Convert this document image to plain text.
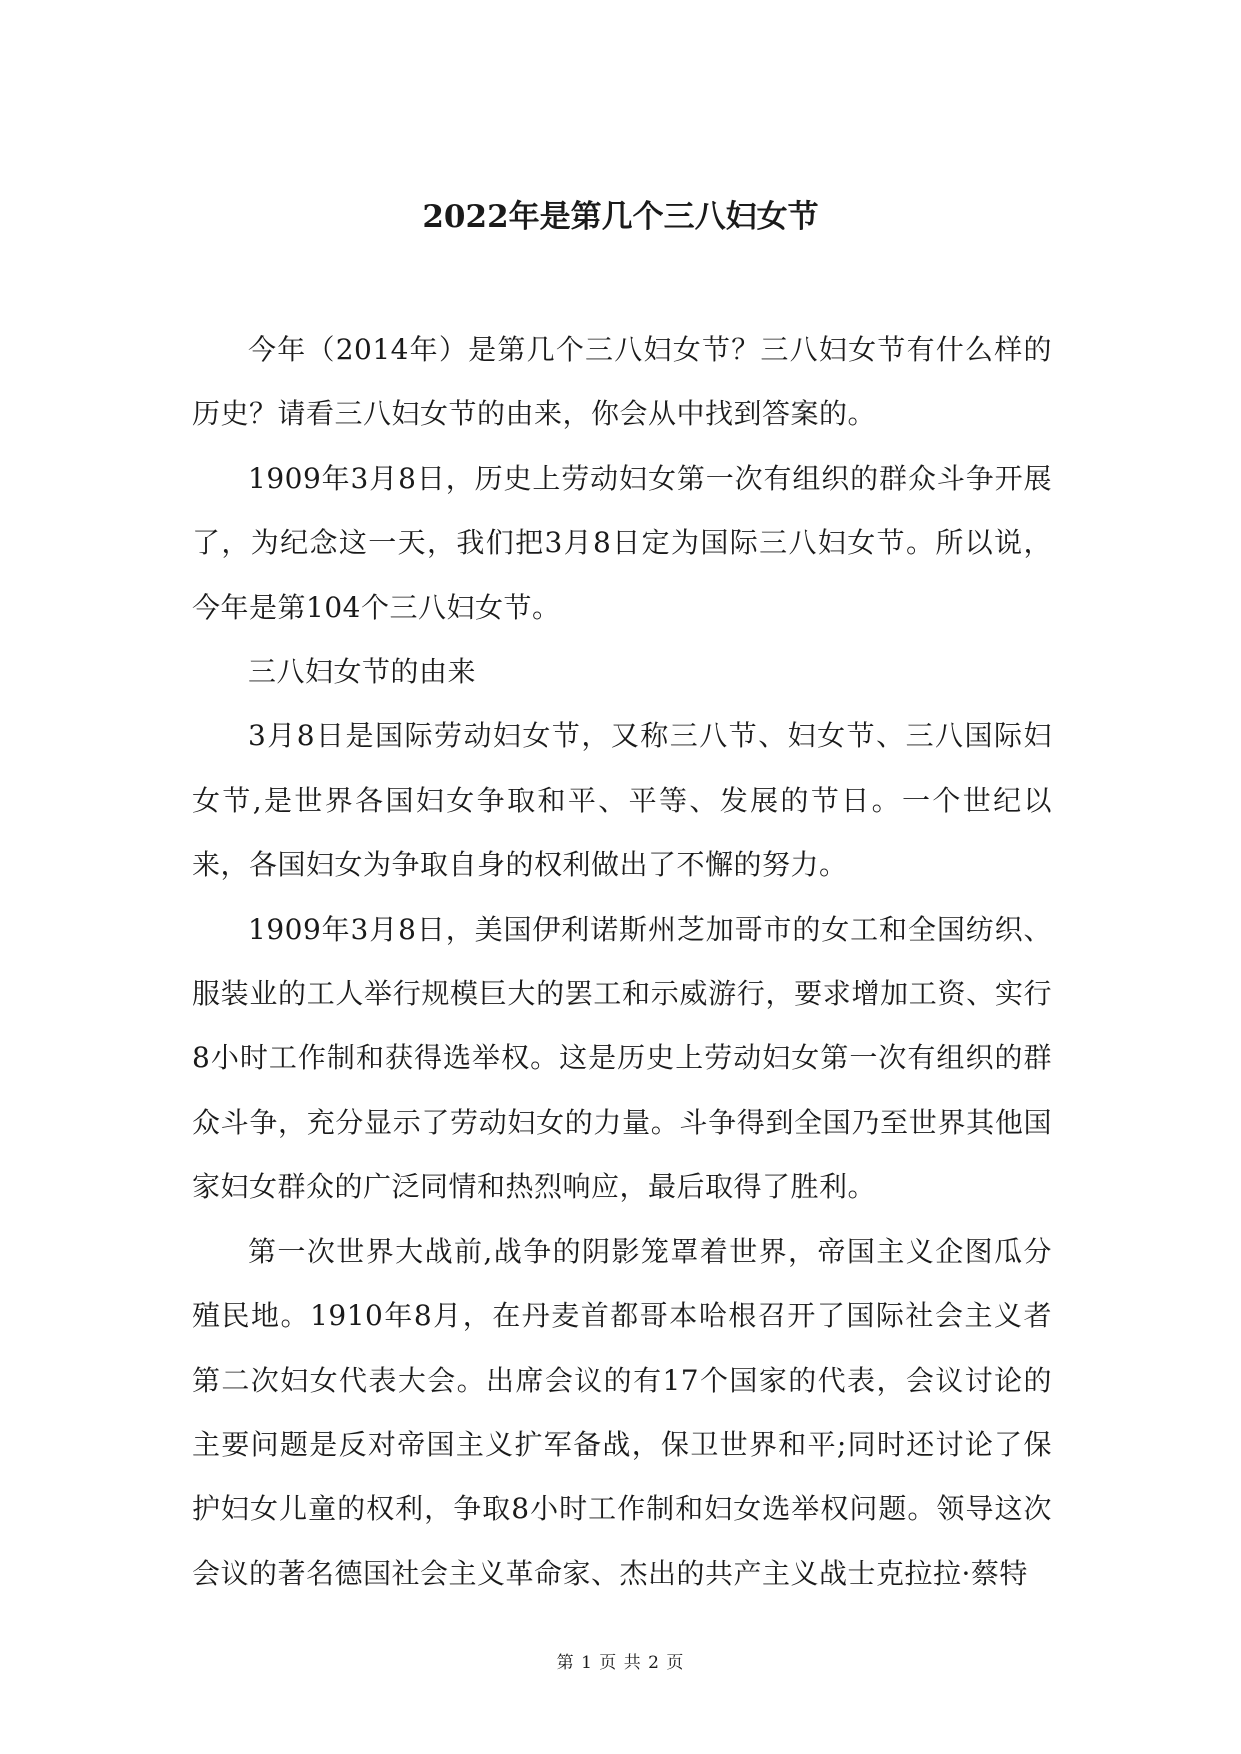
2022年是第几个三八妇女节

今年（2014年）是第几个三八妇女节？三八妇女节有什么样的历史？请看三八妇女节的由来，你会从中找到答案的。

1909年3月8日，历史上劳动妇女第一次有组织的群众斗争开展了，为纪念这一天，我们把3月8日定为国际三八妇女节。所以说，今年是第104个三八妇女节。

三八妇女节的由来

3月8日是国际劳动妇女节，又称三八节、妇女节、三八国际妇女节,是世界各国妇女争取和平、平等、发展的节日。一个世纪以来，各国妇女为争取自身的权利做出了不懈的努力。

1909年3月8日，美国伊利诺斯州芝加哥市的女工和全国纺织、服装业的工人举行规模巨大的罢工和示威游行，要求增加工资、实行8小时工作制和获得选举权。这是历史上劳动妇女第一次有组织的群众斗争，充分显示了劳动妇女的力量。斗争得到全国乃至世界其他国家妇女群众的广泛同情和热烈响应，最后取得了胜利。

第一次世界大战前,战争的阴影笼罩着世界，帝国主义企图瓜分殖民地。1910年8月，在丹麦首都哥本哈根召开了国际社会主义者第二次妇女代表大会。出席会议的有17个国家的代表，会议讨论的主要问题是反对帝国主义扩军备战，保卫世界和平;同时还讨论了保护妇女儿童的权利，争取8小时工作制和妇女选举权问题。领导这次会议的著名德国社会主义革命家、杰出的共产主义战士克拉拉·蔡特

第 1 页 共 2 页
